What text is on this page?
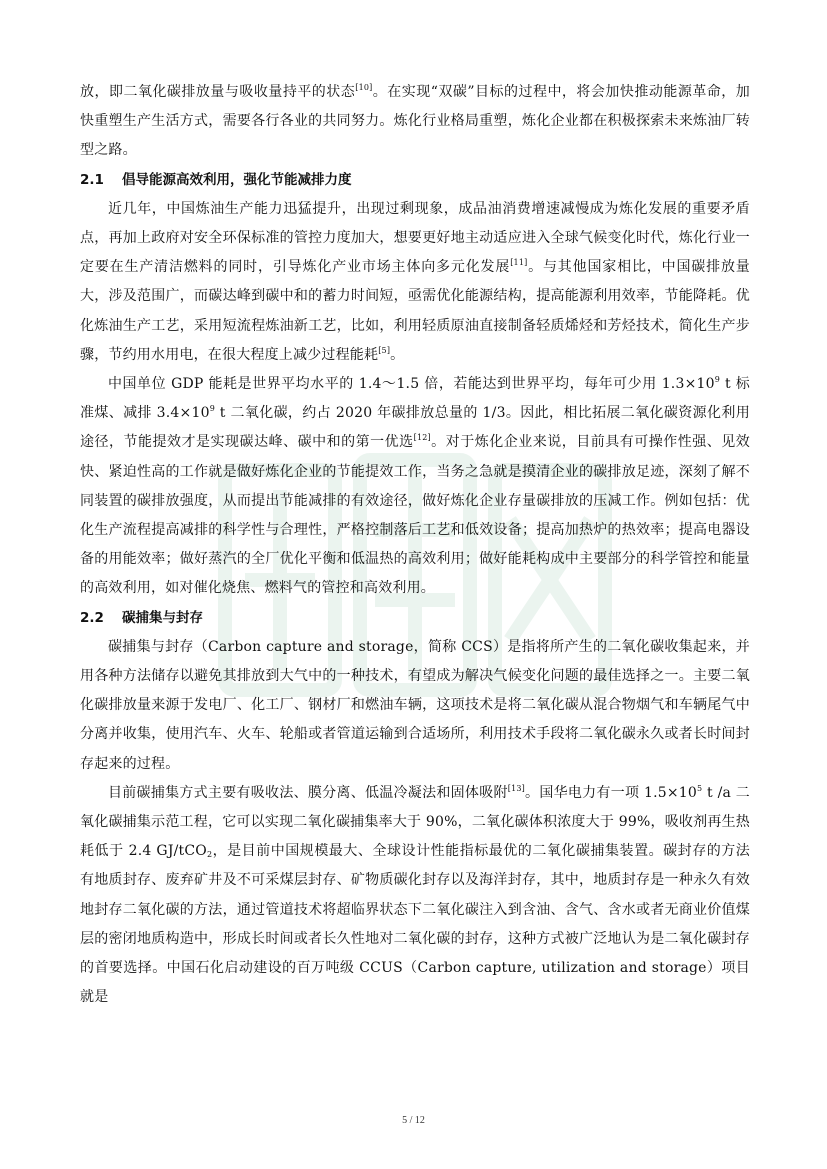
放，即二氧化碳排放量与吸收量持平的状态[10]。在实现“双碳”目标的过程中，将会加快推动能源革命，加快重塑生产生活方式，需要各行各业的共同努力。炼化行业格局重塑，炼化企业都在积极探索未来炼油厂转型之路。

2.1 倡导能源高效利用，强化节能减排力度

近几年，中国炼油生产能力迅猛提升，出现过剩现象，成品油消费增速减慢成为炼化发展的重要矛盾点，再加上政府对安全环保标准的管控力度加大，想要更好地主动适应进入全球气候变化时代，炼化行业一定要在生产清洁燃料的同时，引导炼化产业市场主体向多元化发展[11]。与其他国家相比，中国碳排放量大，涉及范围广，而碳达峰到碳中和的蓄力时间短，亟需优化能源结构，提高能源利用效率，节能降耗。优化炼油生产工艺，采用短流程炼油新工艺，比如，利用轻质原油直接制备轻质烯烃和芳烃技术，简化生产步骤，节约用水用电，在很大程度上减少过程能耗[5]。

中国单位 GDP 能耗是世界平均水平的 1.4～1.5 倍，若能达到世界平均，每年可少用 $1.3\times 10^9$ t 标准煤、减排 $3.4\times 10^9$ t 二氧化碳，约占 2020 年碳排放总量的 1/3。因此，相比拓展二氧化碳资源化利用途径，节能提效才是实现碳达峰、碳中和的第一优选[12]。对于炼化企业来说，目前具有可操作性强、见效快、紧迫性高的工作就是做好炼化企业的节能提效工作，当务之急就是摸清企业的碳排放足迹，深刻了解不同装置的碳排放强度，从而提出节能减排的有效途径，做好炼化企业存量碳排放的压减工作。例如包括：优化生产流程提高减排的科学性与合理性，严格控制落后工艺和低效设备；提高加热炉的热效率；提高电器设备的用能效率；做好蒸汽的全厂优化平衡和低温热的高效利用；做好能耗构成中主要部分的科学管控和能量的高效利用，如对催化烧焦、燃料气的管控和高效利用。

2.2 碳捕集与封存

碳捕集与封存（Carbon capture and storage，简称 CCS）是指将所产生的二氧化碳收集起来，并用各种方法储存以避免其排放到大气中的一种技术，有望成为解决气候变化问题的最佳选择之一。主要二氧化碳排放量来源于发电厂、化工厂、钢材厂和燃油车辆，这项技术是将二氧化碳从混合物烟气和车辆尾气中分离并收集，使用汽车、火车、轮船或者管道运输到合适场所，利用技术手段将二氧化碳永久或者长时间封存起来的过程。

目前碳捕集方式主要有吸收法、膜分离、低温冷凝法和固体吸附[13]。国华电力有一项 $1.5\times 10^5$ t /a 二氧化碳捕集示范工程，它可以实现二氧化碳捕集率大于 90%，二氧化碳体积浓度大于 99%，吸收剂再生热耗低于 2.4 GJ/tCO$_2$，是目前中国规模最大、全球设计性能指标最优的二氧化碳捕集装置。碳封存的方法有地质封存、废弃矿井及不可采煤层封存、矿物质碳化封存以及海洋封存，其中，地质封存是一种永久有效地封存二氧化碳的方法，通过管道技术将超临界状态下二氧化碳注入到含油、含气、含水或者无商业价值煤层的密闭地质构造中，形成长时间或者长久性地对二氧化碳的封存，这种方式被广泛地认为是二氧化碳封存的首要选择。中国石化启动建设的百万吨级 CCUS（Carbon capture, utilization and storage）项目就是

5 / 12
